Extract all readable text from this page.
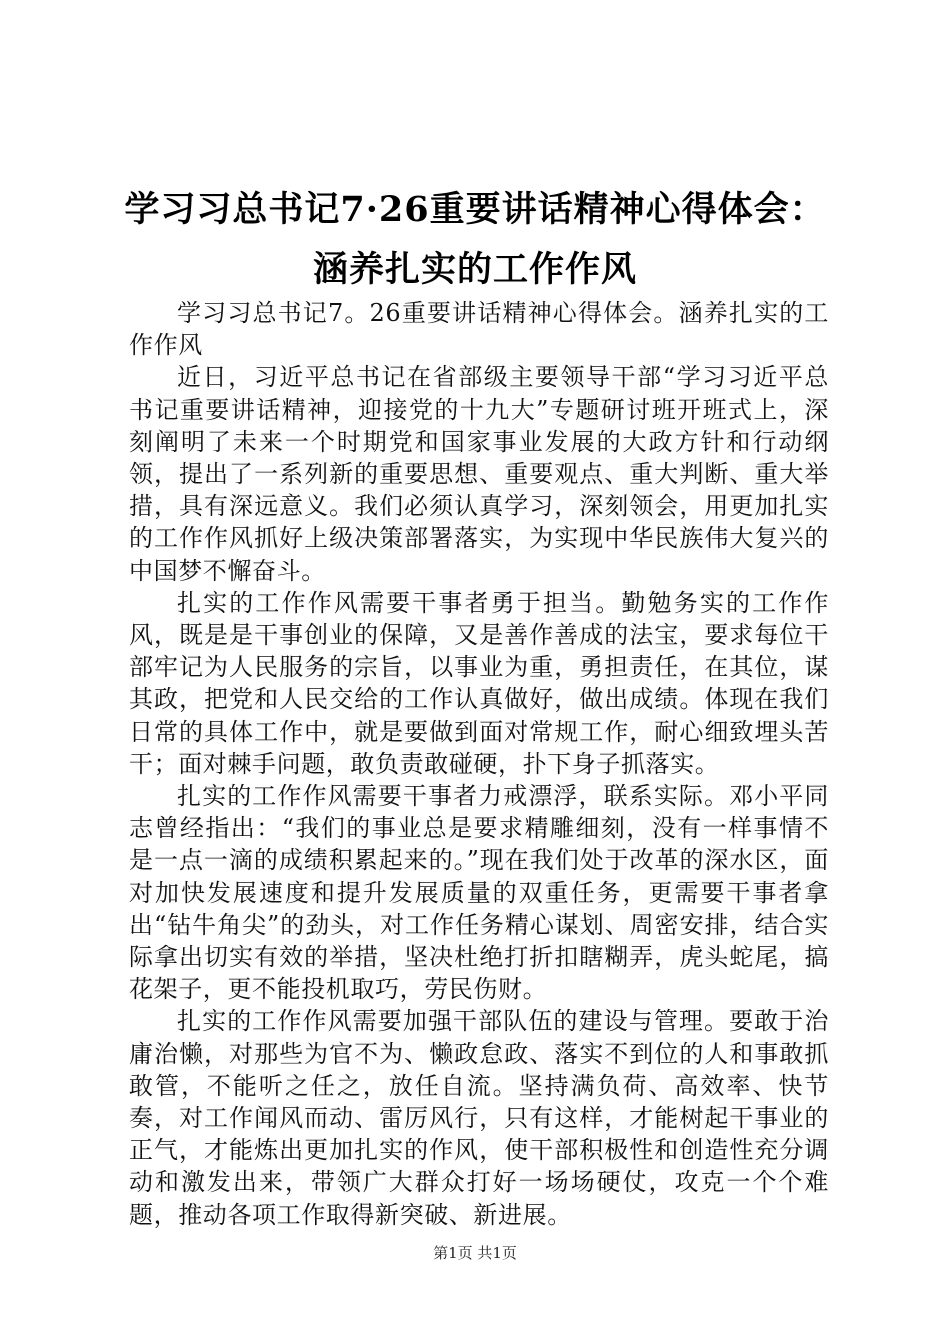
学习习总书记7·26重要讲话精神心得体会：
涵养扎实的工作作风

学习习总书记7。26重要讲话精神心得体会。涵养扎实的工作作风

近日，习近平总书记在省部级主要领导干部“学习习近平总书记重要讲话精神，迎接党的十九大”专题研讨班开班式上，深刻阐明了未来一个时期党和国家事业发展的大政方针和行动纲领，提出了一系列新的重要思想、重要观点、重大判断、重大举措，具有深远意义。我们必须认真学习，深刻领会，用更加扎实的工作作风抓好上级决策部署落实，为实现中华民族伟大复兴的中国梦不懈奋斗。

扎实的工作作风需要干事者勇于担当。勤勉务实的工作作风，既是是干事创业的保障，又是善作善成的法宝，要求每位干部牢记为人民服务的宗旨，以事业为重，勇担责任，在其位，谋其政，把党和人民交给的工作认真做好，做出成绩。体现在我们日常的具体工作中，就是要做到面对常规工作，耐心细致埋头苦干；面对棘手问题，敢负责敢碰硬，扑下身子抓落实。

扎实的工作作风需要干事者力戒漂浮，联系实际。邓小平同志曾经指出：“我们的事业总是要求精雕细刻，没有一样事情不是一点一滴的成绩积累起来的。”现在我们处于改革的深水区，面对加快发展速度和提升发展质量的双重任务，更需要干事者拿出“钻牛角尖”的劲头，对工作任务精心谋划、周密安排，结合实际拿出切实有效的举措，坚决杜绝打折扣瞎糊弄，虎头蛇尾，搞花架子，更不能投机取巧，劳民伤财。

扎实的工作作风需要加强干部队伍的建设与管理。要敢于治庸治懒，对那些为官不为、懒政怠政、落实不到位的人和事敢抓敢管，不能听之任之，放任自流。坚持满负荷、高效率、快节奏，对工作闻风而动、雷厉风行，只有这样，才能树起干事业的正气，才能炼出更加扎实的作风，使干部积极性和创造性充分调动和激发出来，带领广大群众打好一场场硬仗，攻克一个个难题，推动各项工作取得新突破、新进展。

第1页 共1页
